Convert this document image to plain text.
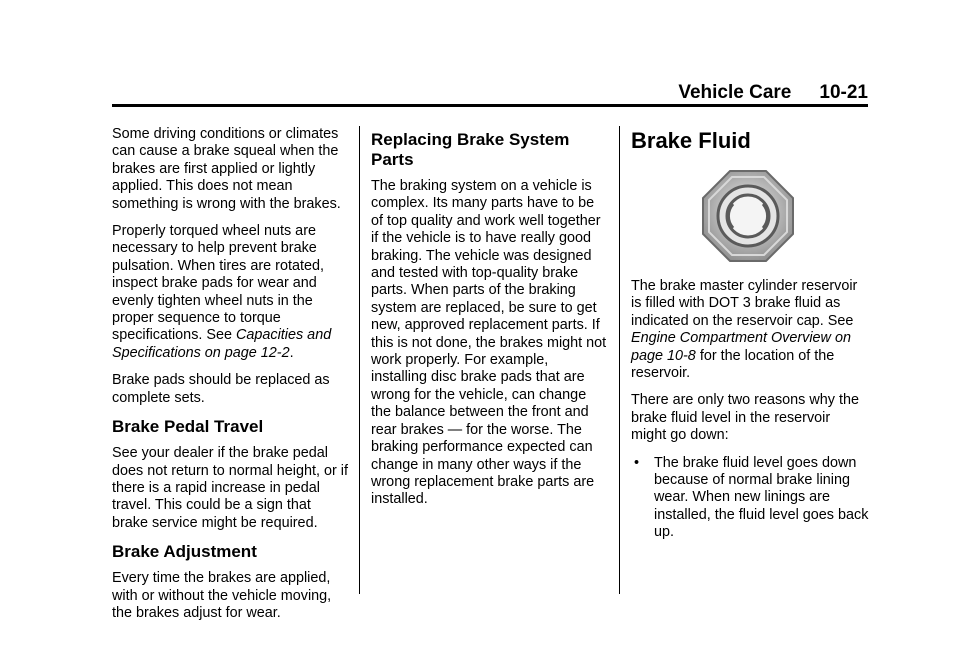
Vehicle Care 10-21

Some driving conditions or climates can cause a brake squeal when the brakes are first applied or lightly applied. This does not mean something is wrong with the brakes.

Properly torqued wheel nuts are necessary to help prevent brake pulsation. When tires are rotated, inspect brake pads for wear and evenly tighten wheel nuts in the proper sequence to torque specifications. See Capacities and Specifications on page 12-2.

Brake pads should be replaced as complete sets.

Brake Pedal Travel

See your dealer if the brake pedal does not return to normal height, or if there is a rapid increase in pedal travel. This could be a sign that brake service might be required.

Brake Adjustment

Every time the brakes are applied, with or without the vehicle moving, the brakes adjust for wear.

Replacing Brake System Parts

The braking system on a vehicle is complex. Its many parts have to be of top quality and work well together if the vehicle is to have really good braking. The vehicle was designed and tested with top-quality brake parts. When parts of the braking system are replaced, be sure to get new, approved replacement parts. If this is not done, the brakes might not work properly. For example, installing disc brake pads that are wrong for the vehicle, can change the balance between the front and rear brakes — for the worse. The braking performance expected can change in many other ways if the wrong replacement brake parts are installed.

Brake Fluid

The brake master cylinder reservoir is filled with DOT 3 brake fluid as indicated on the reservoir cap. See Engine Compartment Overview on page 10-8 for the location of the reservoir.

There are only two reasons why the brake fluid level in the reservoir might go down:

• The brake fluid level goes down because of normal brake lining wear. When new linings are installed, the fluid level goes back up.
